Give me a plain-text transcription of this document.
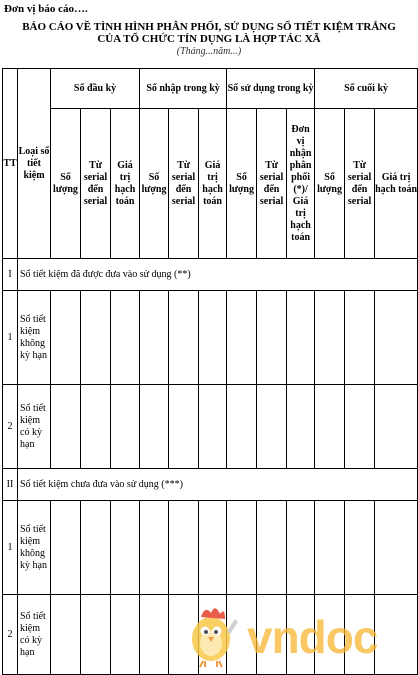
Đơn vị báo cáo….
BÁO CÁO VỀ TÌNH HÌNH PHÂN PHỐI, SỬ DỤNG SỔ TIẾT KIỆM TRẮNG
CỦA TỔ CHỨC TÍN DỤNG LÀ HỢP TÁC XÃ
(Tháng...năm...)
TT	Loại sổ tiết kiệm	Số đầu kỳ			Số nhập trong kỳ			Số sử dụng trong kỳ			Số cuối kỳ		
		Số lượng	Từ serial đến serial	Giá trị hạch toán	Số lượng	Từ serial đến serial	Giá trị hạch toán	Số lượng	Từ serial đến serial	Đơn vị nhận phân phối (*)/ Giá trị hạch toán	Số lượng	Từ serial đến serial	Giá trị hạch toán
I	Sổ tiết kiệm đã được đưa vào sử dụng (**)												
1	Sổ tiết kiệm không kỳ hạn												
2	Sổ tiết kiệm có kỳ hạn												
II	Sổ tiết kiệm chưa đưa vào sử dụng (***)												
1	Sổ tiết kiệm không kỳ hạn												
2	Sổ tiết kiệm có kỳ hạn													vndoc
